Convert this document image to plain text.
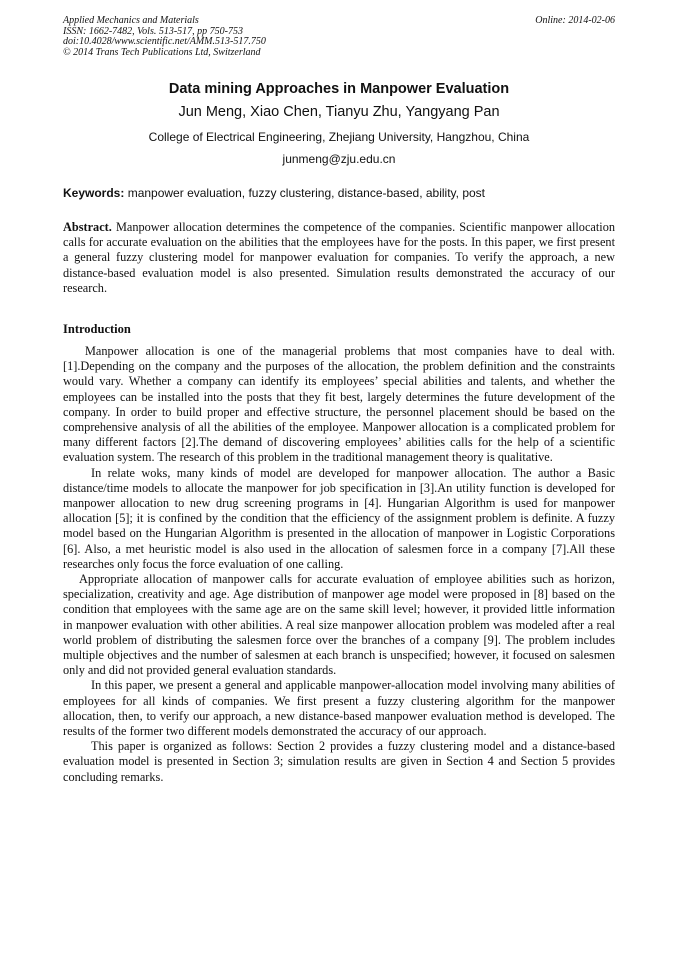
Applied Mechanics and Materials
ISSN: 1662-7482, Vols. 513-517, pp 750-753
doi:10.4028/www.scientific.net/AMM.513-517.750
© 2014 Trans Tech Publications Ltd, Switzerland
Online: 2014-02-06
Data mining Approaches in Manpower Evaluation
Jun Meng, Xiao Chen, Tianyu Zhu, Yangyang Pan
College of Electrical Engineering, Zhejiang University, Hangzhou, China
junmeng@zju.edu.cn
Keywords: manpower evaluation, fuzzy clustering, distance-based, ability, post
Abstract. Manpower allocation determines the competence of the companies. Scientific manpower allocation calls for accurate evaluation on the abilities that the employees have for the posts. In this paper, we first present a general fuzzy clustering model for manpower evaluation for companies. To verify the approach, a new distance-based evaluation model is also presented. Simulation results demonstrated the accuracy of our research.
Introduction

Manpower allocation is one of the managerial problems that most companies have to deal with. [1].Depending on the company and the purposes of the allocation, the problem definition and the constraints would vary. Whether a company can identify its employees’ special abilities and talents, and whether the employees can be installed into the posts that they fit best, largely determines the future development of the company. In order to build proper and effective structure, the personnel placement should be based on the comprehensive analysis of all the abilities of the employee. Manpower allocation is a complicated problem for many different factors [2].The demand of discovering employees’ abilities calls for the help of a scientific evaluation system. The research of this problem in the traditional management theory is qualitative.

In relate woks, many kinds of model are developed for manpower allocation. The author a Basic distance/time models to allocate the manpower for job specification in [3].An utility function is developed for manpower allocation to new drug screening programs in [4]. Hungarian Algorithm is used for manpower allocation [5]; it is confined by the condition that the efficiency of the assignment problem is definite. A fuzzy model based on the Hungarian Algorithm is presented in the allocation of manpower in Logistic Corporations [6]. Also, a met heuristic model is also used in the allocation of salesmen force in a company [7].All these researches only focus the force evaluation of one calling.

Appropriate allocation of manpower calls for accurate evaluation of employee abilities such as horizon, specialization, creativity and age. Age distribution of manpower age model were proposed in [8] based on the condition that employees with the same age are on the same skill level; however, it provided little information in manpower evaluation with other abilities. A real size manpower allocation problem was modeled after a real world problem of distributing the salesmen force over the branches of a company [9]. The problem includes multiple objectives and the number of salesmen at each branch is unspecified; however, it focused on salesmen only and did not provided general evaluation standards.

In this paper, we present a general and applicable manpower-allocation model involving many abilities of employees for all kinds of companies. We first present a fuzzy clustering algorithm for the manpower allocation, then, to verify our approach, a new distance-based manpower evaluation method is developed. The results of the former two different models demonstrated the accuracy of our approach.

This paper is organized as follows: Section 2 provides a fuzzy clustering model and a distance-based evaluation model is presented in Section 3; simulation results are given in Section 4 and Section 5 provides concluding remarks.
